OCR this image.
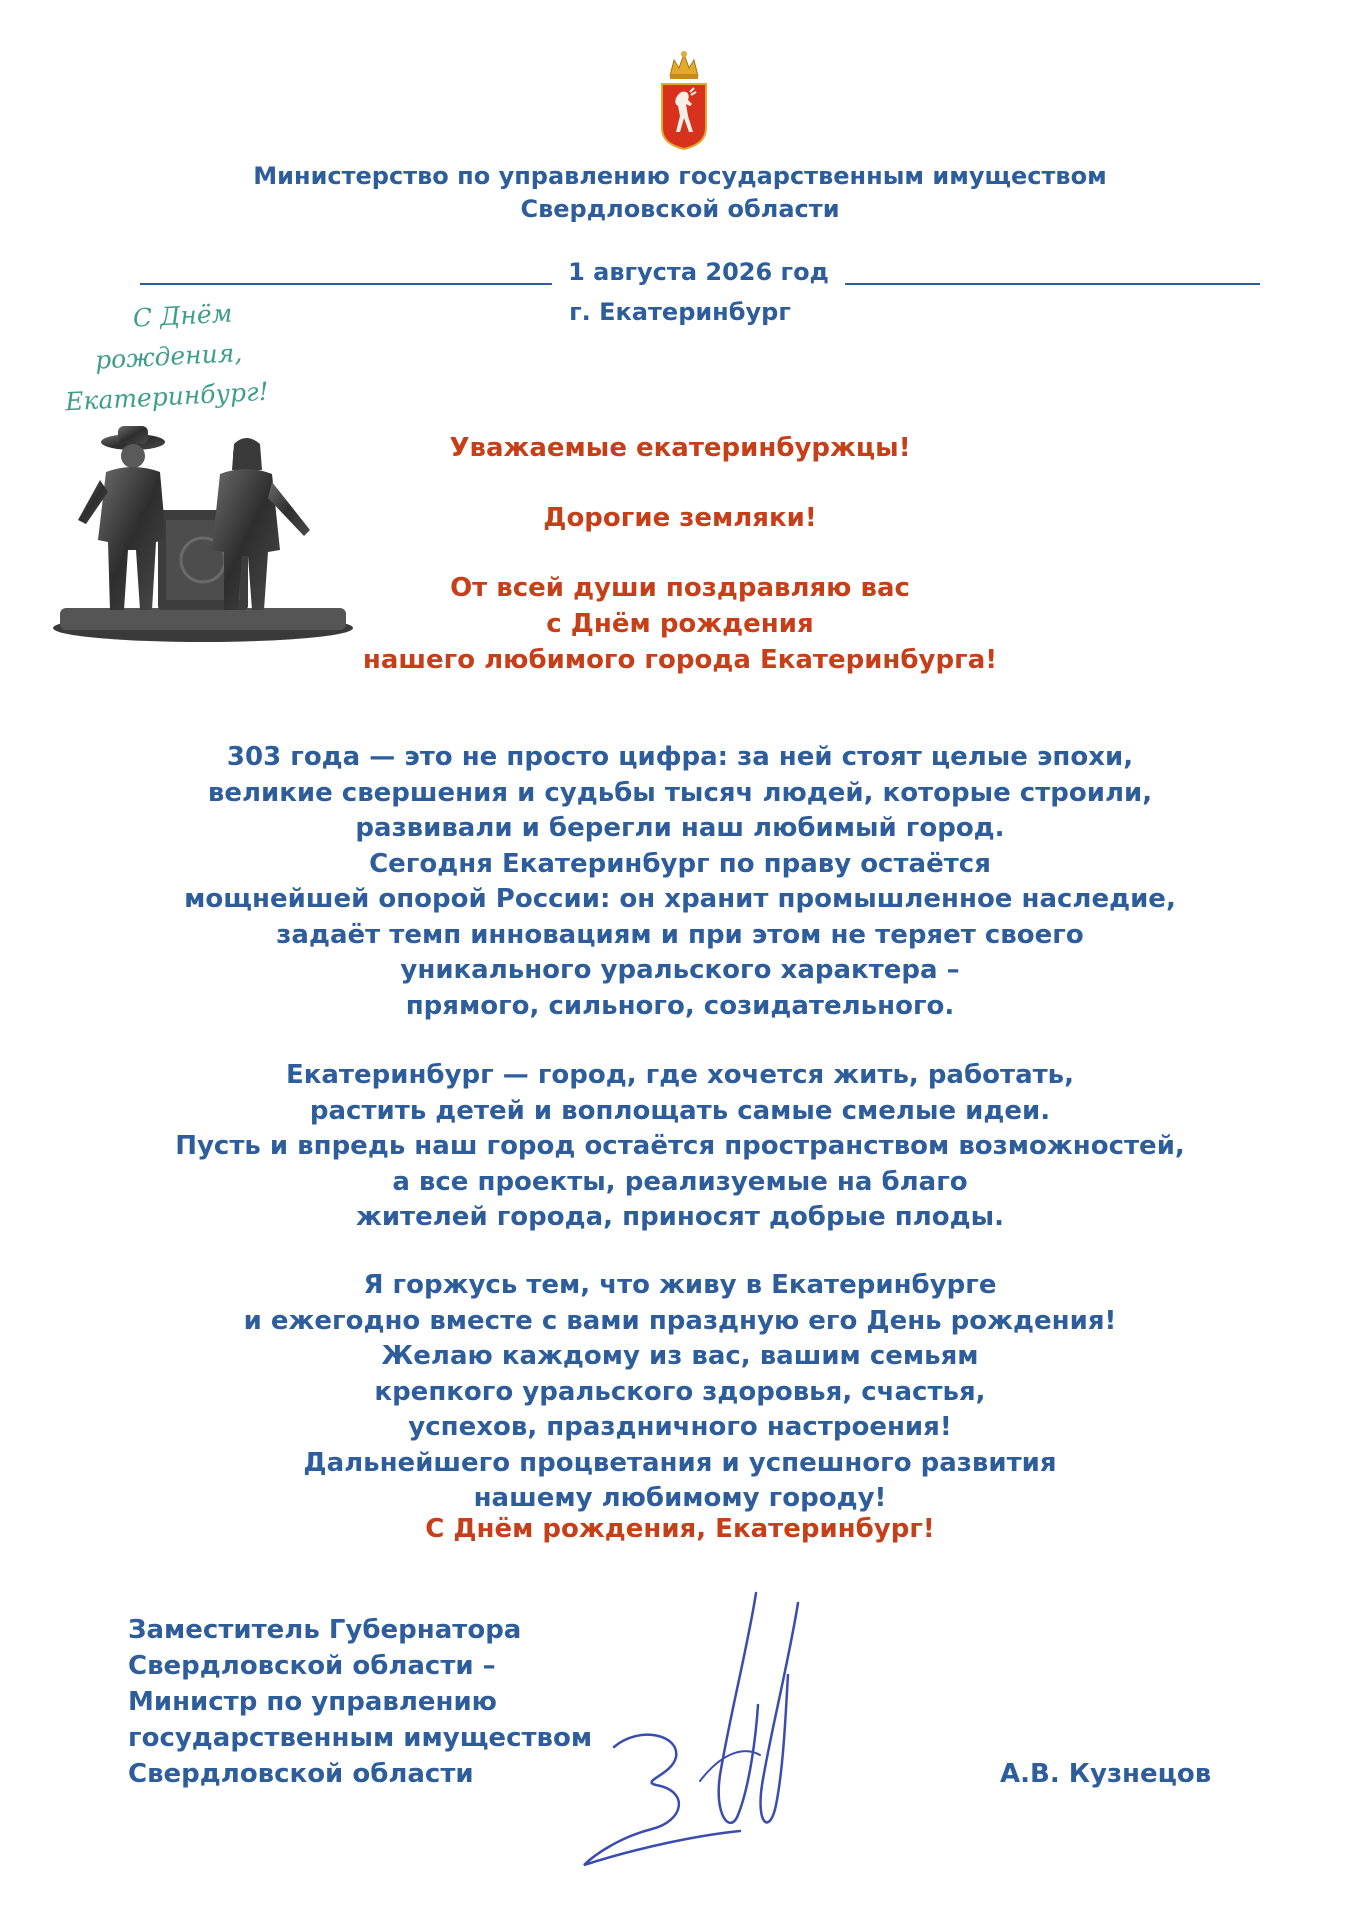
Министерство по управлению государственным имуществом
Свердловской области
1 августа 2026 год
г. Екатеринбург
С Днём
рождения,
Екатеринбург!
Уважаемые екатеринбуржцы!
Дорогие земляки!
От всей души поздравляю вас
с Днём рождения
нашего любимого города Екатеринбурга!
303 года — это не просто цифра: за ней стоят целые эпохи,
великие свершения и судьбы тысяч людей, которые строили,
развивали и берегли наш любимый город.
Сегодня Екатеринбург по праву остаётся
мощнейшей опорой России: он хранит промышленное наследие,
задаёт темп инновациям и при этом не теряет своего
уникального уральского характера –
прямого, сильного, созидательного.
Екатеринбург — город, где хочется жить, работать,
растить детей и воплощать самые смелые идеи.
Пусть и впредь наш город остаётся пространством возможностей,
а все проекты, реализуемые на благо
жителей города, приносят добрые плоды.
Я горжусь тем, что живу в Екатеринбурге
и ежегодно вместе с вами праздную его День рождения!
Желаю каждому из вас, вашим семьям
крепкого уральского здоровья, счастья,
успехов, праздничного настроения!
Дальнейшего процветания и успешного развития
нашему любимому городу!
С Днём рождения, Екатеринбург!
Заместитель Губернатора
Свердловской области –
Министр по управлению
государственным имуществом
Свердловской области	А.В. Кузнецов
